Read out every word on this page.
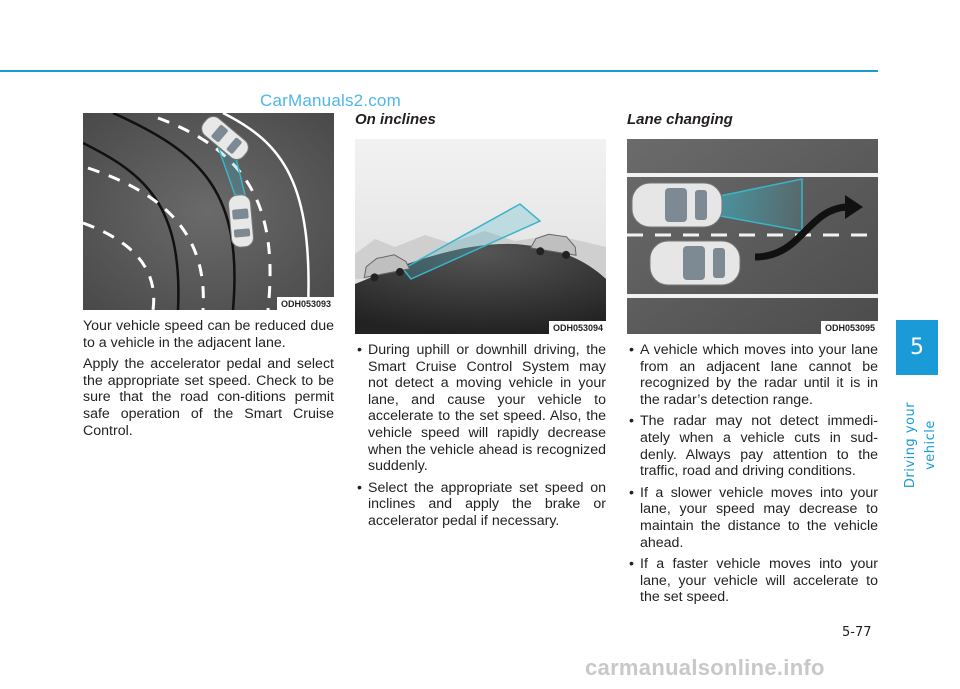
CarManuals2.com
ODH053093

Your vehicle speed can be reduced due to a vehicle in the adjacent lane.

Apply the accelerator pedal and select the appropriate set speed. Check to be sure that the road con-ditions permit safe operation of the Smart Cruise Control.

On inclines
ODH053094
• During uphill or downhill driving, the Smart Cruise Control System may not detect a moving vehicle in your lane, and cause your vehicle to accelerate to the set speed. Also, the vehicle speed will rapidly decrease when the vehicle ahead is recognized suddenly.
• Select the appropriate set speed on inclines and apply the brake or accelerator pedal if necessary.
Lane changing
ODH053095
• A vehicle which moves into your lane from an adjacent lane cannot be recognized by the radar until it is in the radar’s detection range.
• The radar may not detect immedi-ately when a vehicle cuts in sud-denly. Always pay attention to the traffic, road and driving conditions.
• If a slower vehicle moves into your lane, your speed may decrease to maintain the distance to the vehicle ahead.
• If a faster vehicle moves into your lane, your vehicle will accelerate to the set speed.
5
Driving your vehicle
5-77
carmanualsonline.info
